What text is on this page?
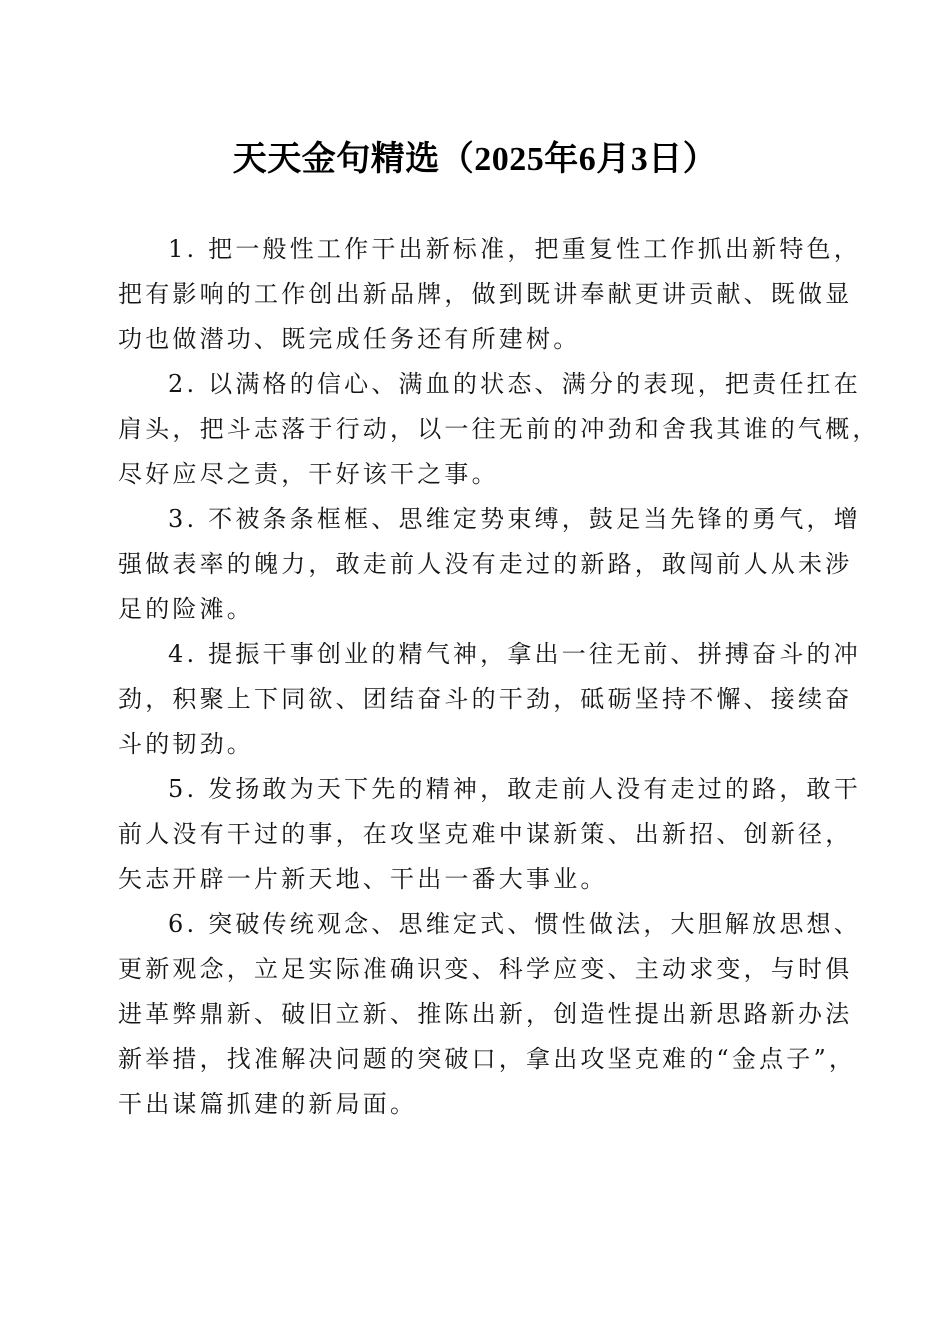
天天金句精选（2025年6月3日）

1. 把一般性工作干出新标准，把重复性工作抓出新特色，
把有影响的工作创出新品牌，做到既讲奉献更讲贡献、既做显
功也做潜功、既完成任务还有所建树。

2. 以满格的信心、满血的状态、满分的表现，把责任扛在
肩头，把斗志落于行动，以一往无前的冲劲和舍我其谁的气概，
尽好应尽之责，干好该干之事。

3. 不被条条框框、思维定势束缚，鼓足当先锋的勇气，增
强做表率的魄力，敢走前人没有走过的新路，敢闯前人从未涉
足的险滩。

4. 提振干事创业的精气神，拿出一往无前、拼搏奋斗的冲
劲，积聚上下同欲、团结奋斗的干劲，砥砺坚持不懈、接续奋
斗的韧劲。

5. 发扬敢为天下先的精神，敢走前人没有走过的路，敢干
前人没有干过的事，在攻坚克难中谋新策、出新招、创新径，
矢志开辟一片新天地、干出一番大事业。

6. 突破传统观念、思维定式、惯性做法，大胆解放思想、
更新观念，立足实际准确识变、科学应变、主动求变，与时俱
进革弊鼎新、破旧立新、推陈出新，创造性提出新思路新办法
新举措，找准解决问题的突破口，拿出攻坚克难的“金点子”，
干出谋篇抓建的新局面。
